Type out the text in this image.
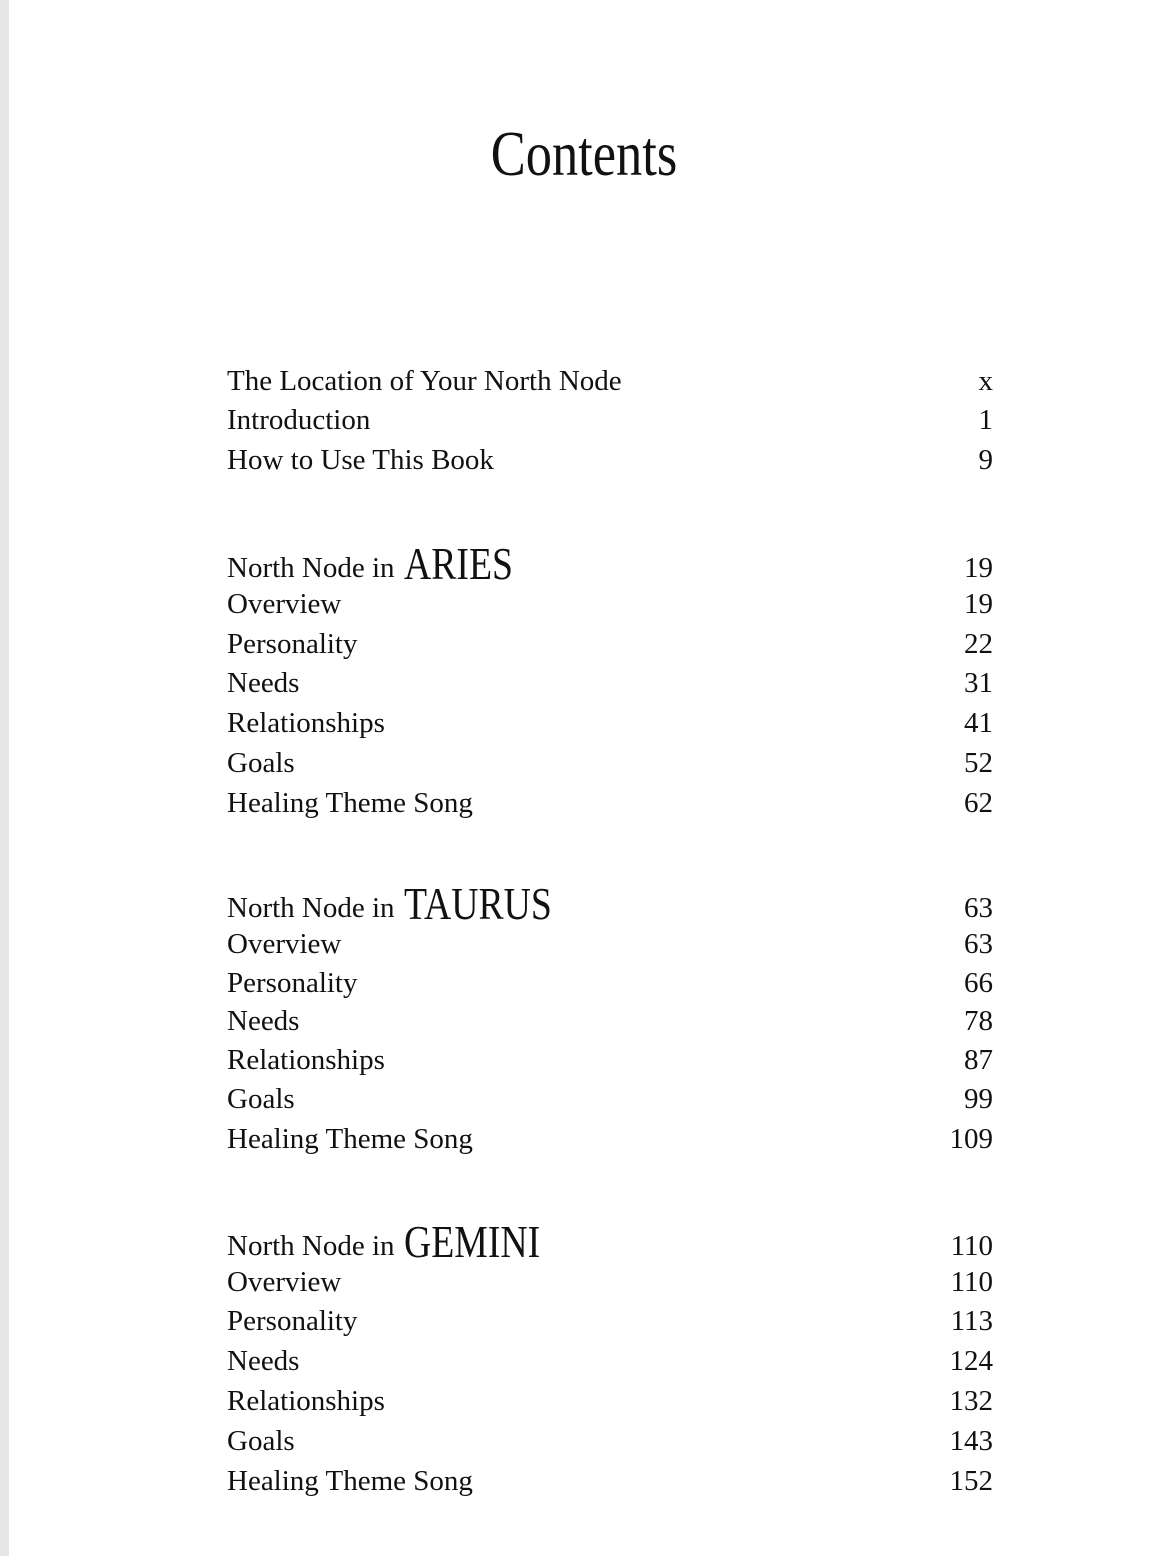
Contents
The Location of Your North Node	x
Introduction	1
How to Use This Book	9
North Node in ARIES	19
Overview	19
Personality	22
Needs	31
Relationships	41
Goals	52
Healing Theme Song	62
North Node in TAURUS	63
Overview	63
Personality	66
Needs	78
Relationships	87
Goals	99
Healing Theme Song	109
North Node in GEMINI	110
Overview	110
Personality	113
Needs	124
Relationships	132
Goals	143
Healing Theme Song	152
